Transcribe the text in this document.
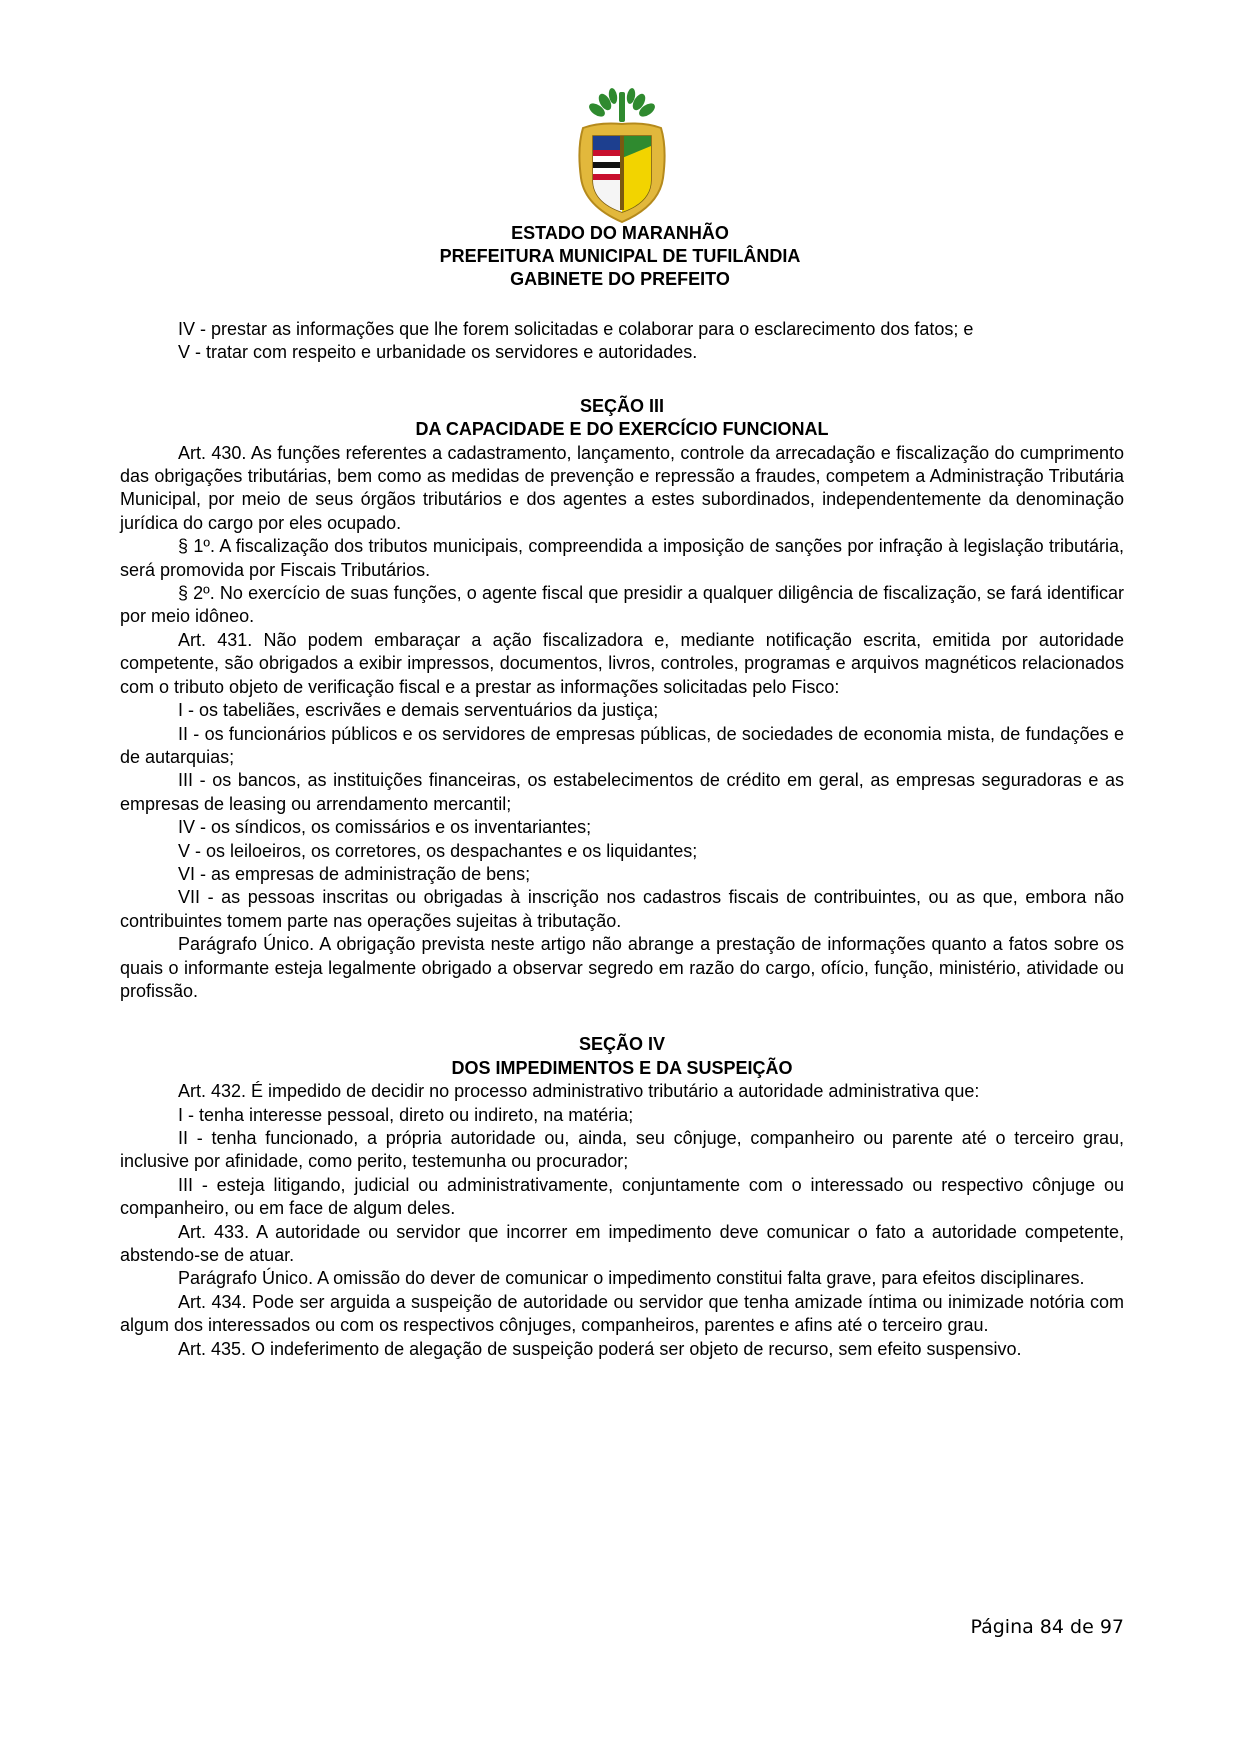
ESTADO DO MARANHÃO
PREFEITURA MUNICIPAL DE TUFILÂNDIA
GABINETE DO PREFEITO

IV - prestar as informações que lhe forem solicitadas e colaborar para o esclarecimento dos fatos; e

V - tratar com respeito e urbanidade os servidores e autoridades.

SEÇÃO III

DA CAPACIDADE E DO EXERCÍCIO FUNCIONAL

Art. 430. As funções referentes a cadastramento, lançamento, controle da arrecadação e fiscalização do cumprimento das obrigações tributárias, bem como as medidas de prevenção e repressão a fraudes, competem a Administração Tributária Municipal, por meio de seus órgãos tributários e dos agentes a estes subordinados, independentemente da denominação jurídica do cargo por eles ocupado.

§ 1º. A fiscalização dos tributos municipais, compreendida a imposição de sanções por infração à legislação tributária, será promovida por Fiscais Tributários.

§ 2º. No exercício de suas funções, o agente fiscal que presidir a qualquer diligência de fiscalização, se fará identificar por meio idôneo.

Art. 431. Não podem embaraçar a ação fiscalizadora e, mediante notificação escrita, emitida por autoridade competente, são obrigados a exibir impressos, documentos, livros, controles, programas e arquivos magnéticos relacionados com o tributo objeto de verificação fiscal e a prestar as informações solicitadas pelo Fisco:

I - os tabeliães, escrivães e demais serventuários da justiça;

II - os funcionários públicos e os servidores de empresas públicas, de sociedades de economia mista, de fundações e de autarquias;

III - os bancos, as instituições financeiras, os estabelecimentos de crédito em geral, as empresas seguradoras e as empresas de leasing ou arrendamento mercantil;

IV - os síndicos, os comissários e os inventariantes;

V - os leiloeiros, os corretores, os despachantes e os liquidantes;

VI - as empresas de administração de bens;

VII - as pessoas inscritas ou obrigadas à inscrição nos cadastros fiscais de contribuintes, ou as que, embora não contribuintes tomem parte nas operações sujeitas à tributação.

Parágrafo Único. A obrigação prevista neste artigo não abrange a prestação de informações quanto a fatos sobre os quais o informante esteja legalmente obrigado a observar segredo em razão do cargo, ofício, função, ministério, atividade ou profissão.

SEÇÃO IV

DOS IMPEDIMENTOS E DA SUSPEIÇÃO

Art. 432. É impedido de decidir no processo administrativo tributário a autoridade administrativa que:

I - tenha interesse pessoal, direto ou indireto, na matéria;

II - tenha funcionado, a própria autoridade ou, ainda, seu cônjuge, companheiro ou parente até o terceiro grau, inclusive por afinidade, como perito, testemunha ou procurador;

III - esteja litigando, judicial ou administrativamente, conjuntamente com o interessado ou respectivo cônjuge ou companheiro, ou em face de algum deles.

Art. 433. A autoridade ou servidor que incorrer em impedimento deve comunicar o fato a autoridade competente, abstendo-se de atuar.

Parágrafo Único. A omissão do dever de comunicar o impedimento constitui falta grave, para efeitos disciplinares.

Art. 434. Pode ser arguida a suspeição de autoridade ou servidor que tenha amizade íntima ou inimizade notória com algum dos interessados ou com os respectivos cônjuges, companheiros, parentes e afins até o terceiro grau.

Art. 435. O indeferimento de alegação de suspeição poderá ser objeto de recurso, sem efeito suspensivo.

Página 84 de 97
